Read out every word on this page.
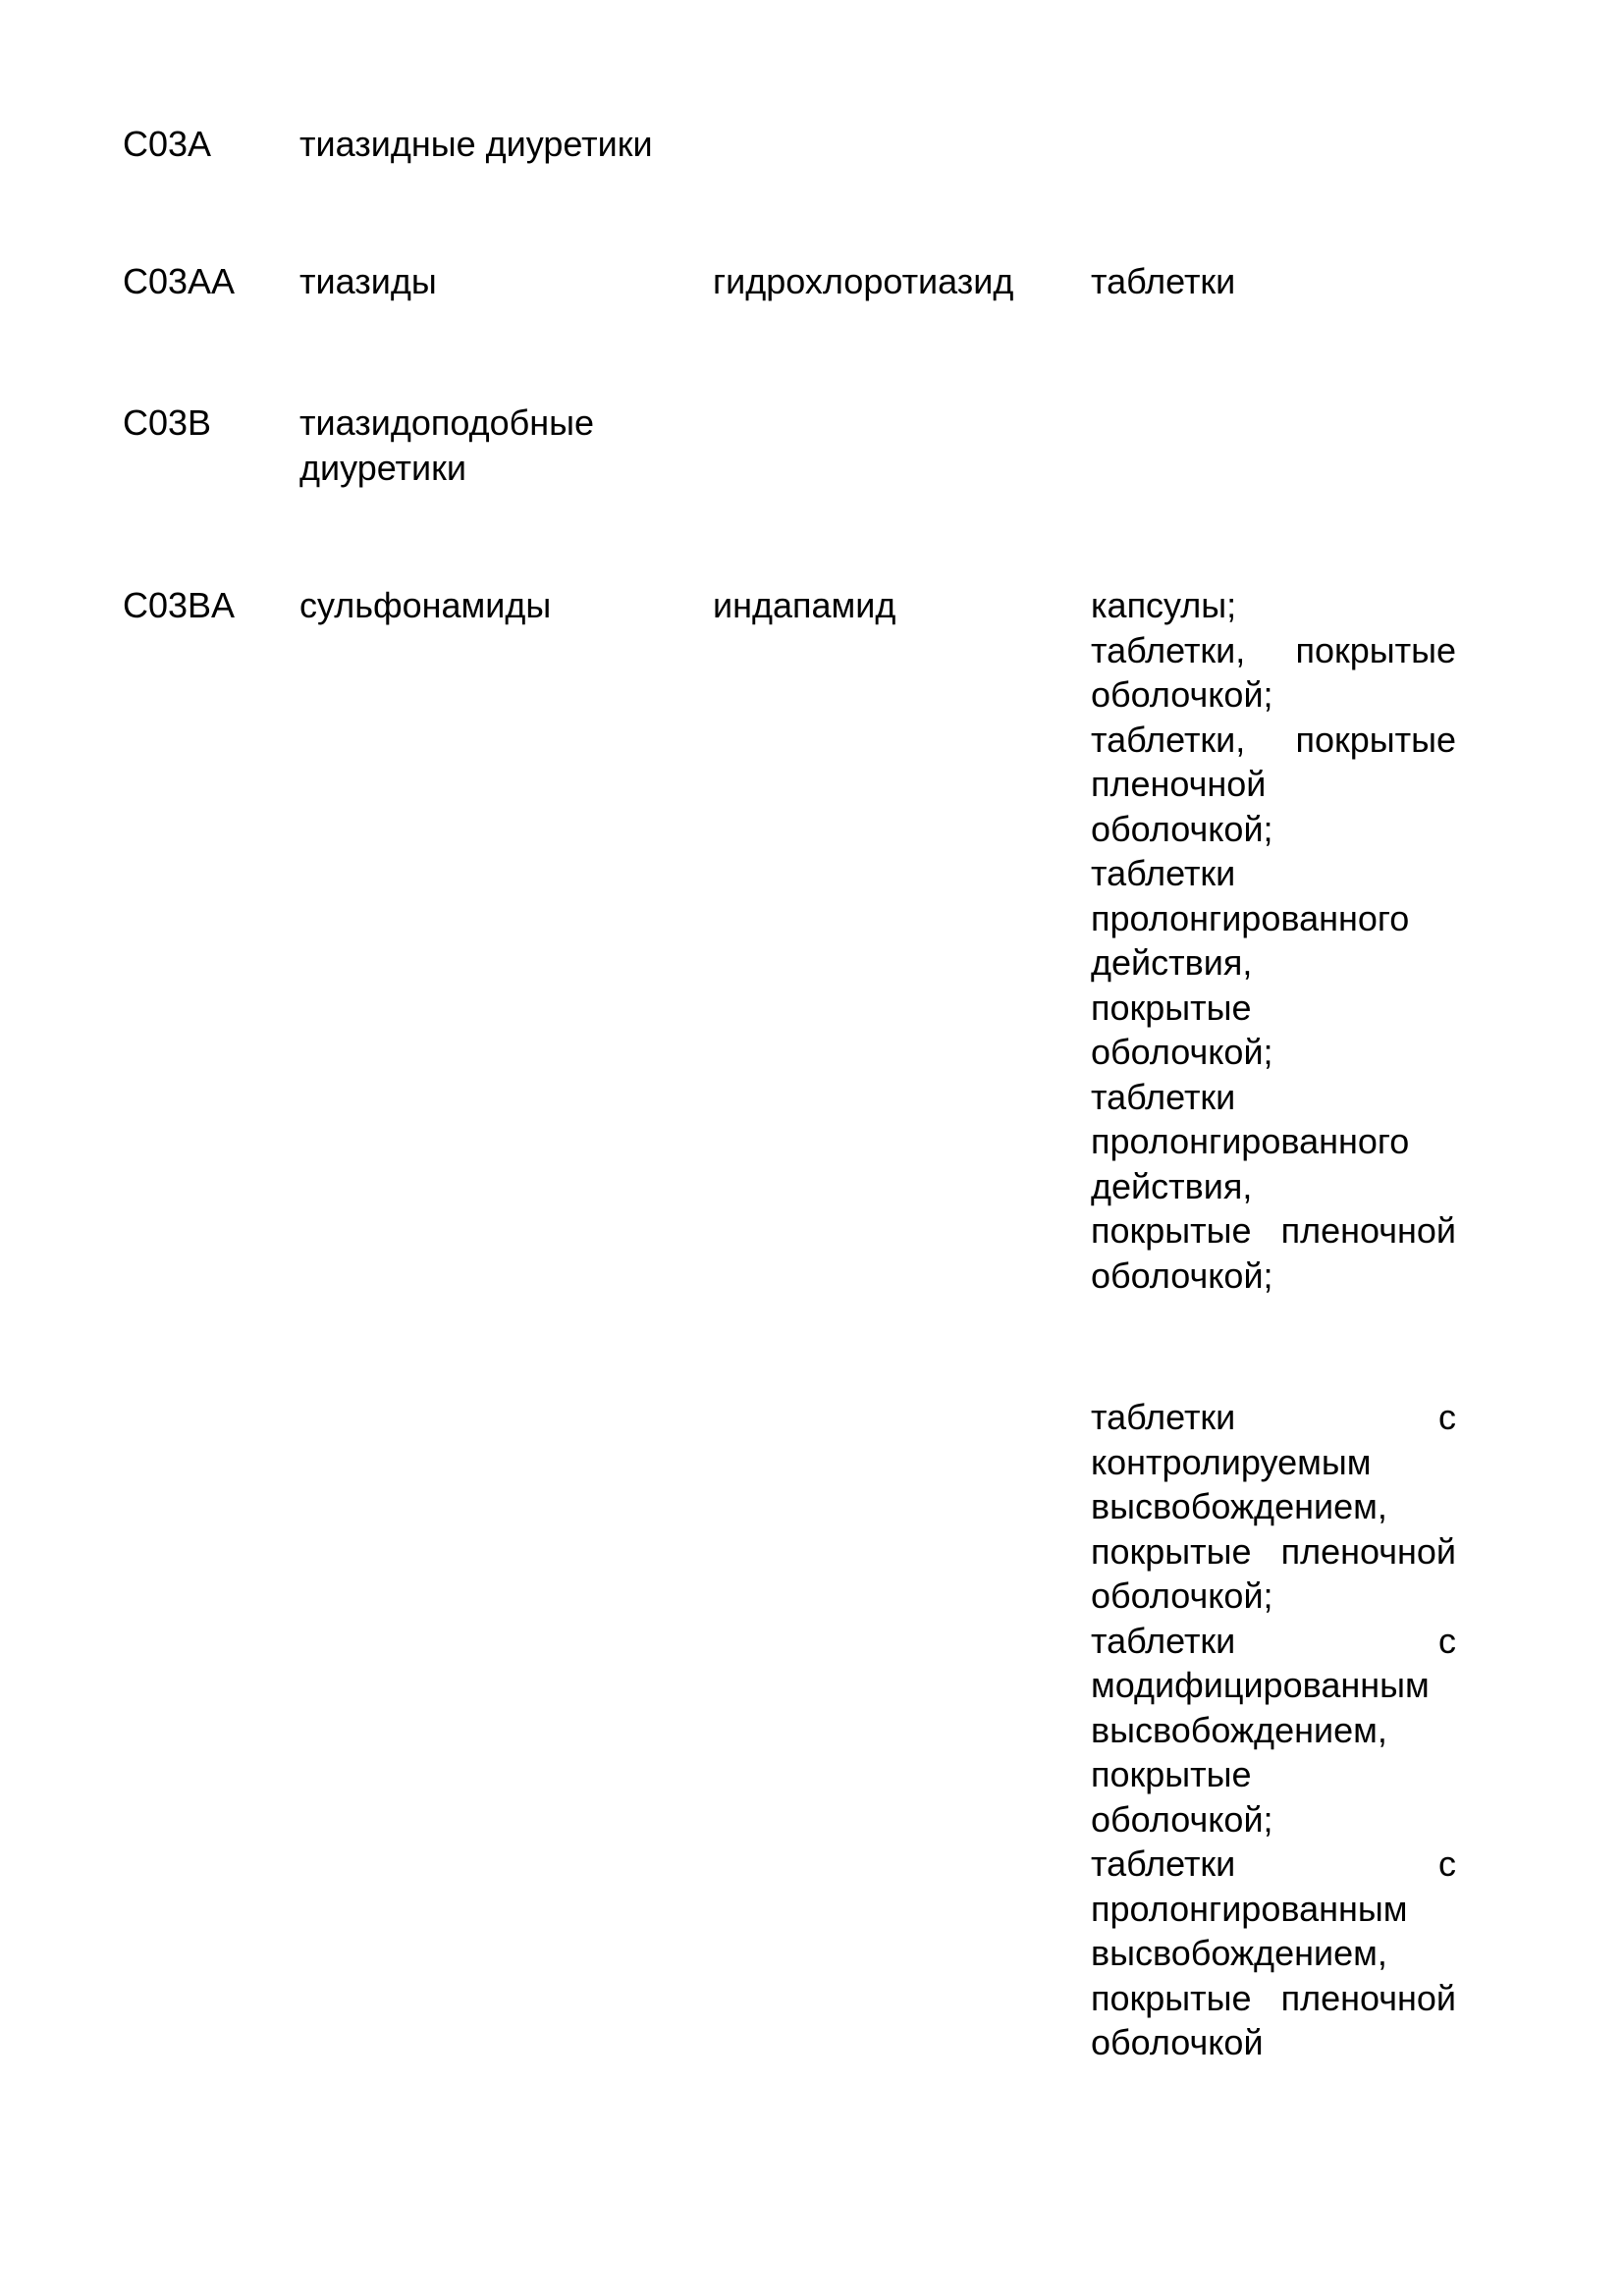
C03A тиазидные диуретики
C03AA тиазиды	гидрохлоротиазид таблетки
C03B тиазидоподобные
диуретики
C03BA сульфонамиды	индапамид	капсулы;
таблетки, покрытые
оболочкой;
таблетки, покрытые
пленочной
оболочкой;
таблетки
пролонгированного
действия,
покрытые
оболочкой;
таблетки
пролонгированного
действия,
покрытые пленочной
оболочкой;
таблетки с
контролируемым
высвобождением,
покрытые пленочной
оболочкой;
таблетки с
модифицированным
высвобождением,
покрытые
оболочкой;
таблетки с
пролонгированным
высвобождением,
покрытые пленочной
оболочкой
